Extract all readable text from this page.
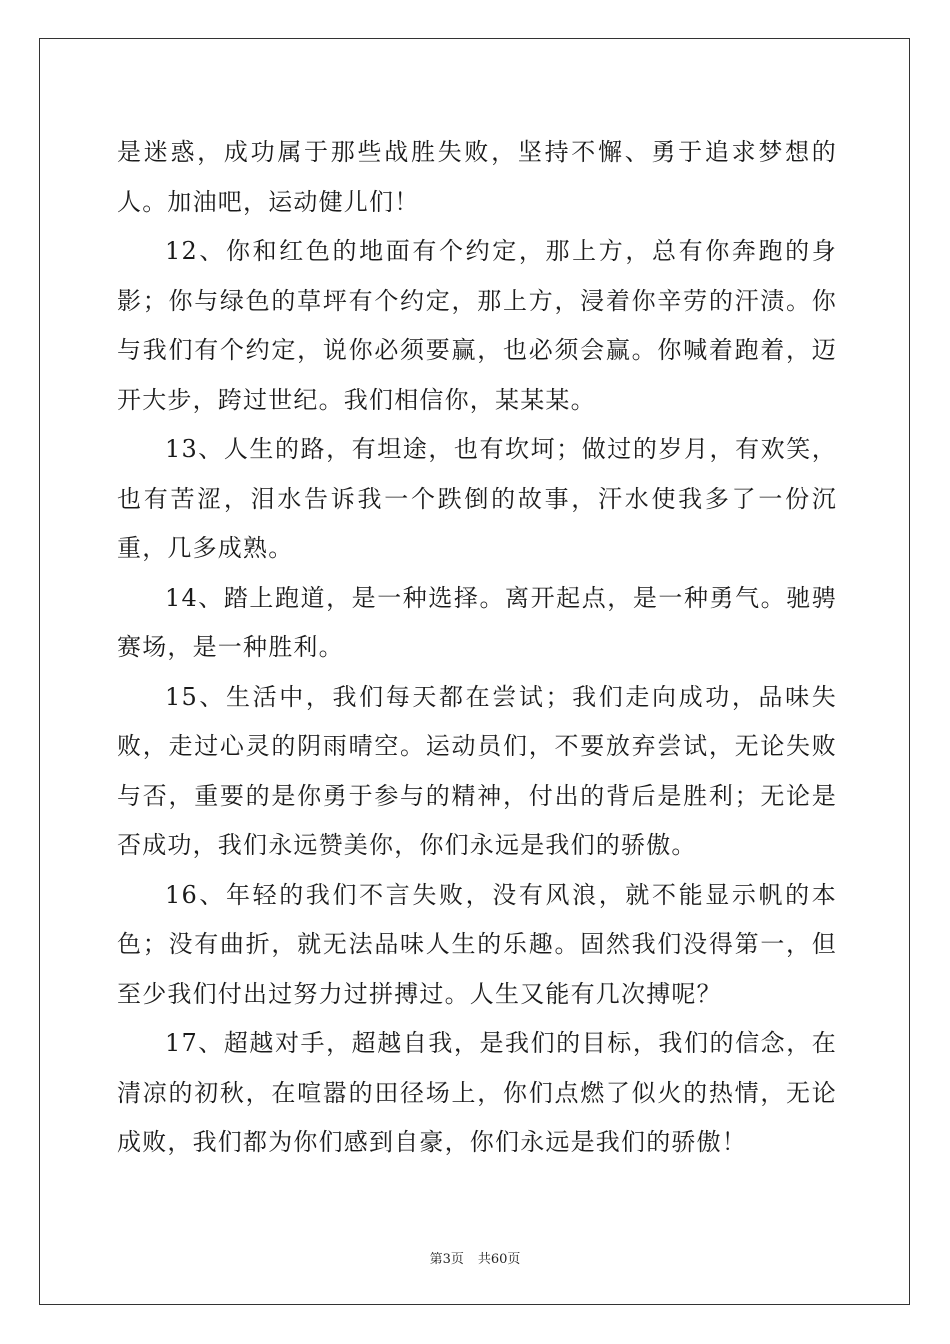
是迷惑，成功属于那些战胜失败，坚持不懈、勇于追求梦想的人。加油吧，运动健儿们！

12、你和红色的地面有个约定，那上方，总有你奔跑的身影；你与绿色的草坪有个约定，那上方，浸着你辛劳的汗渍。你与我们有个约定，说你必须要赢，也必须会赢。你喊着跑着，迈开大步，跨过世纪。我们相信你，某某某。

13、人生的路，有坦途，也有坎坷；做过的岁月，有欢笑，也有苦涩，泪水告诉我一个跌倒的故事，汗水使我多了一份沉重，几多成熟。

14、踏上跑道，是一种选择。离开起点，是一种勇气。驰骋赛场，是一种胜利。

15、生活中，我们每天都在尝试；我们走向成功，品味失败，走过心灵的阴雨晴空。运动员们，不要放弃尝试，无论失败与否，重要的是你勇于参与的精神，付出的背后是胜利；无论是否成功，我们永远赞美你，你们永远是我们的骄傲。

16、年轻的我们不言失败，没有风浪，就不能显示帆的本色；没有曲折，就无法品味人生的乐趣。固然我们没得第一，但至少我们付出过努力过拼搏过。人生又能有几次搏呢？

17、超越对手，超越自我，是我们的目标，我们的信念，在清凉的初秋，在喧嚣的田径场上，你们点燃了似火的热情，无论成败，我们都为你们感到自豪，你们永远是我们的骄傲！

第3页 共60页
